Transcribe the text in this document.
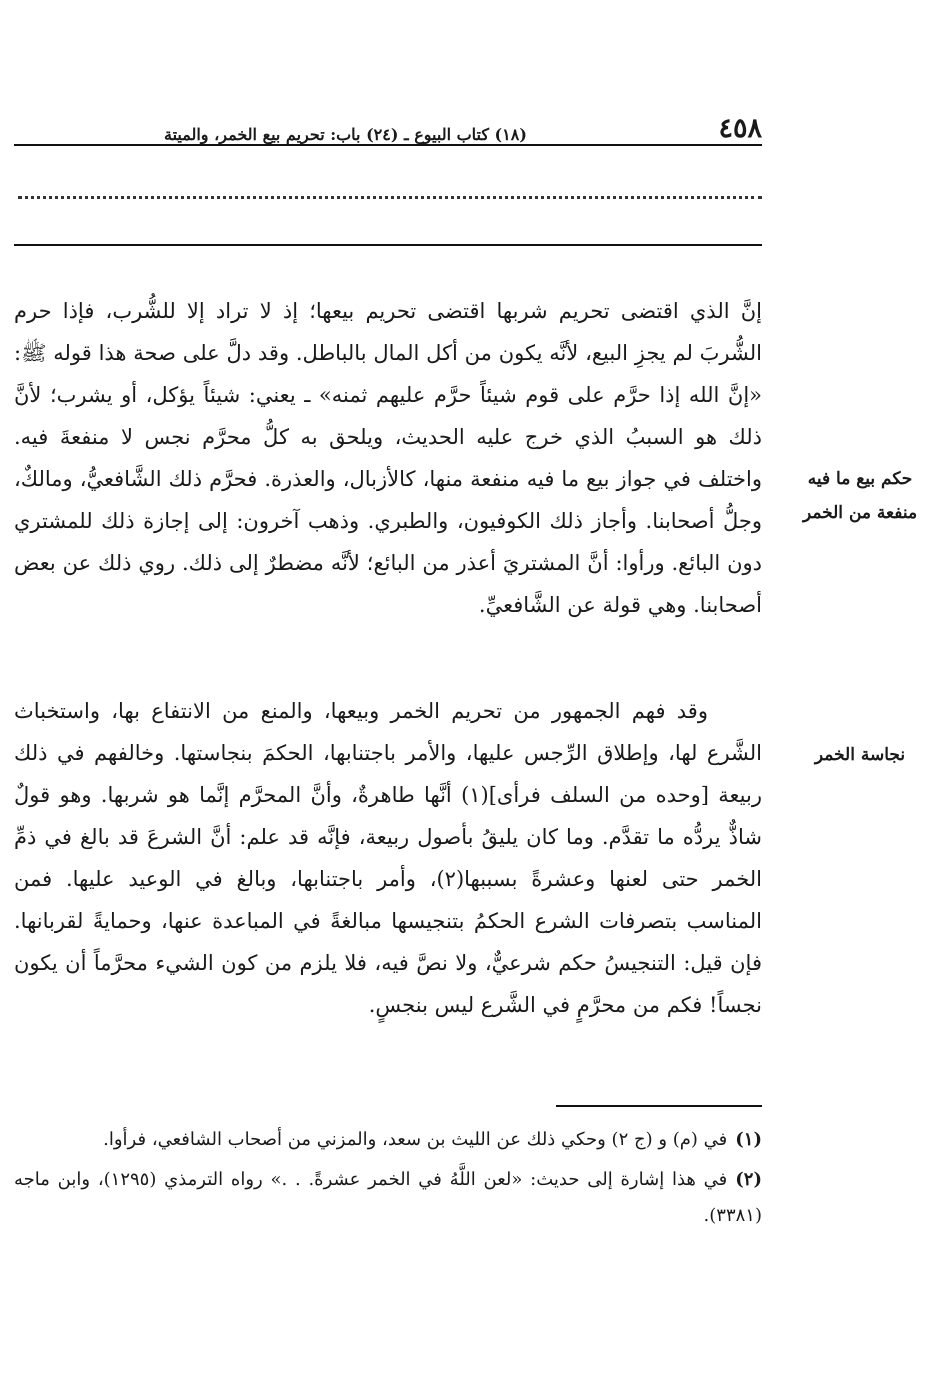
٤٥٨
(١٨) كتاب البيوع ـ (٢٤) باب: تحريم بيع الخمر، والميتة

إنَّ الذي اقتضى تحريم شربها اقتضى تحريم بيعها؛ إذ لا تراد إلا للشُّرب، فإذا حرم الشُّربَ لم يجزِ البيع، لأنَّه يكون من أكل المال بالباطل. وقد دلَّ على صحة هذا قوله ﷺ: «إنَّ الله إذا حرَّم على قوم شيئاً حرَّم عليهم ثمنه» ـ يعني: شيئاً يؤكل، أو يشرب؛ لأنَّ ذلك هو السببُ الذي خرج عليه الحديث، ويلحق به كلُّ محرَّم نجس لا منفعةَ فيه. واختلف في جواز بيع ما فيه منفعة منها، كالأزبال، والعذرة. فحرَّم ذلك الشَّافعيُّ، ومالكٌ، وجلُّ أصحابنا. وأجاز ذلك الكوفيون، والطبري. وذهب آخرون: إلى إجازة ذلك للمشتري دون البائع. ورأوا: أنَّ المشتريَ أعذر من البائع؛ لأنَّه مضطرٌ إلى ذلك. روي ذلك عن بعض أصحابنا. وهي قولة عن الشَّافعيِّ.

وقد فهم الجمهور من تحريم الخمر وبيعها، والمنع من الانتفاع بها، واستخباث الشَّرع لها، وإطلاق الرِّجس عليها، والأمر باجتنابها، الحكمَ بنجاستها. وخالفهم في ذلك ربيعة [وحده من السلف فرأى](١) أنَّها طاهرةٌ، وأنَّ المحرَّم إنَّما هو شربها. وهو قولٌ شاذٌّ يردُّه ما تقدَّم. وما كان يليقُ بأصول ربيعة، فإنَّه قد علم: أنَّ الشرعَ قد بالغ في ذمِّ الخمر حتى لعنها وعشرةً بسببها(٢)، وأمر باجتنابها، وبالغ في الوعيد عليها. فمن المناسب بتصرفات الشرع الحكمُ بتنجيسها مبالغةً في المباعدة عنها، وحمايةً لقربانها. فإن قيل: التنجيسُ حكم شرعيٌّ، ولا نصَّ فيه، فلا يلزم من كون الشيء محرَّماً أن يكون نجساً! فكم من محرَّمٍ في الشَّرع ليس بنجسٍ.

حكم بيع ما فيه منفعة من الخمر
نجاسة الخمر

(١)في (م) و (ج ٢) وحكي ذلك عن الليث بن سعد، والمزني من أصحاب الشافعي، فرأوا.

(٢)في هذا إشارة إلى حديث: «لعن اللَّهُ في الخمر عشرةً. . .» رواه الترمذي (١٢٩٥)، وابن ماجه (٣٣٨١).
